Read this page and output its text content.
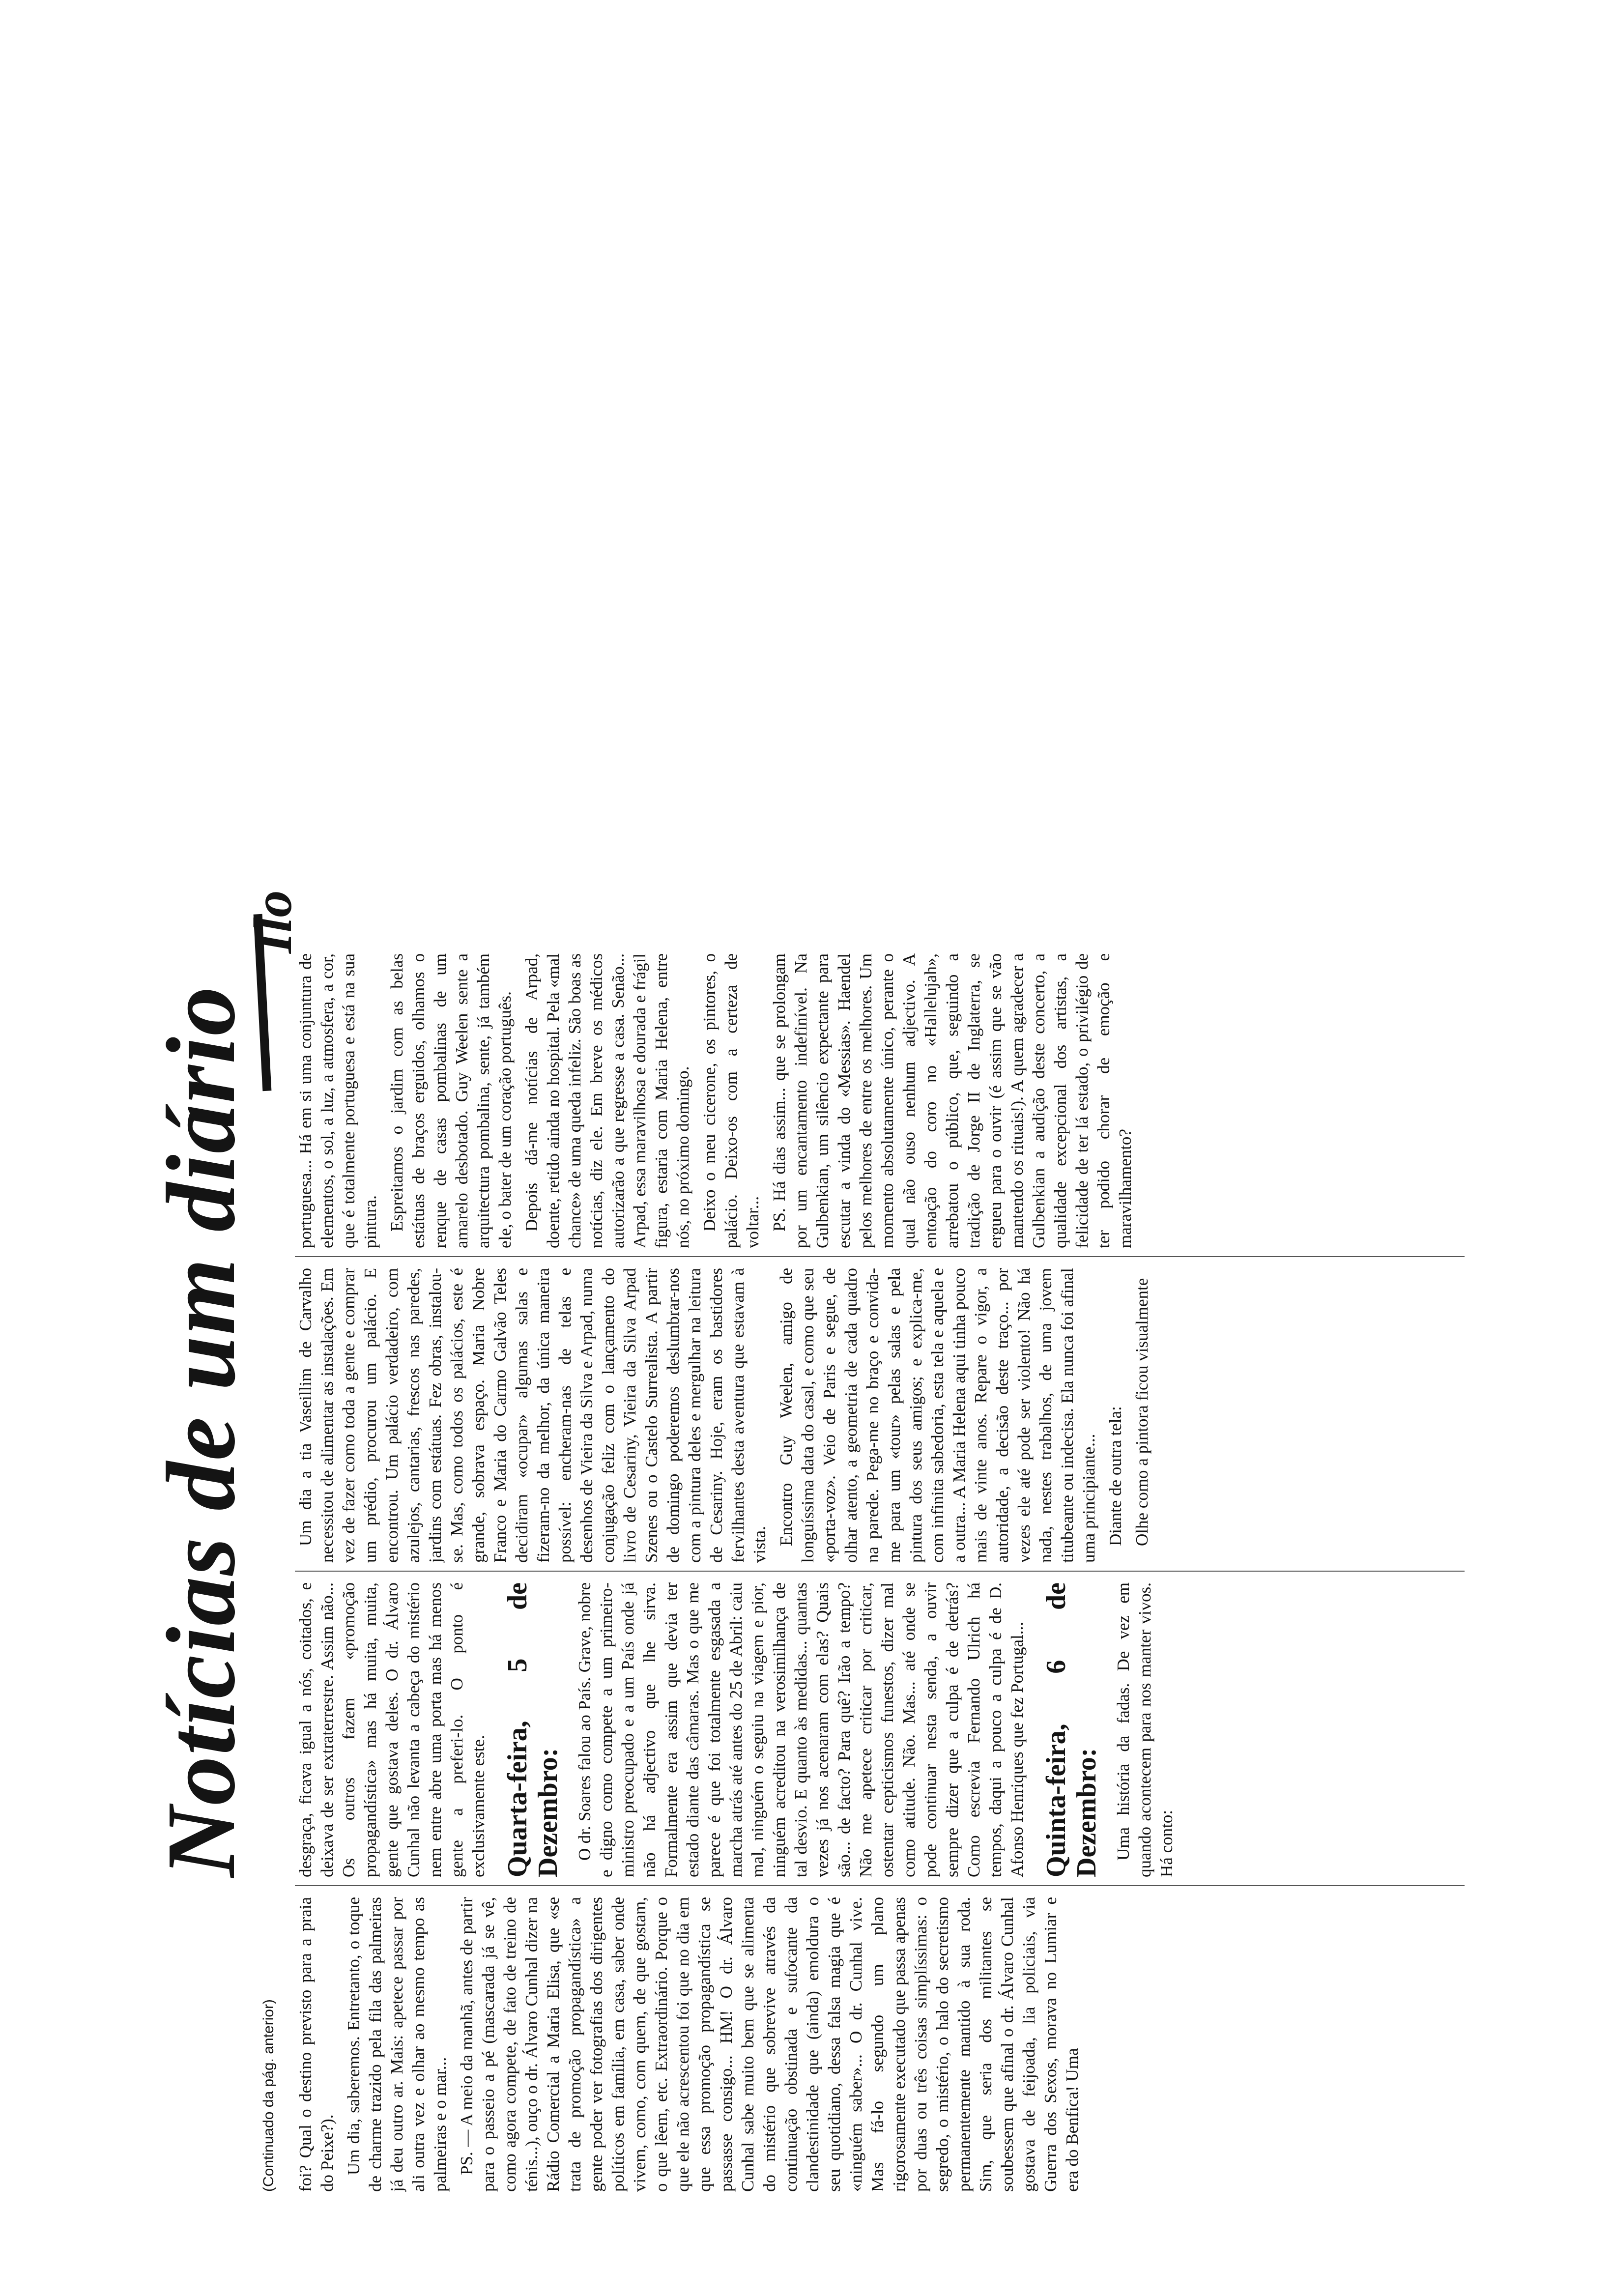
(Continuado da pág. anterior)
Notícias de um diário
Ilo

foi? Qual o destino previsto para a praia do Peixe?). Um dia, saberemos. Entretanto, o toque de charme trazido pela fila das palmeiras já deu outro ar. Mais: apetece passar por ali outra vez e olhar ao mesmo tempo as palmeiras e o mar... PS. — A meio da manhã, antes de partir para o passeio a pé (mascarada já se vê, como agora compete, de fato de treino de ténis...), ouço o dr. Álvaro Cunhal dizer na Rádio Comercial a Maria Elisa, que «se trata de promoção propagandística» a gente poder ver fotografias dos dirigentes políticos em família, em casa, saber onde vivem, como, com quem, de que gostam, o que lêem, etc. Extraordinário. Porque o que ele não acrescentou foi que no dia em que essa promoção propagandística se passasse consigo... HM! O dr. Álvaro Cunhal sabe muito bem que se alimenta do mistério que sobrevive através da continuação obstinada e sufocante da clandestinidade que (ainda) emoldura o seu quotidiano, dessa falsa magia que é «ninguém saber»... O dr. Cunhal vive. Mas fá-lo segundo um plano rigorosamente executado que passa apenas por duas ou três coisas simplíssimas: o segredo, o mistério, o halo do secretismo permanentemente mantido à sua roda. Sim, que seria dos militantes se soubessem que afinal o dr. Álvaro Cunhal gostava de feijoada, lia policiais, via Guerra dos Sexos, morava no Lumiar e era do Benfica! Uma

desgraça, ficava igual a nós, coitados, e deixava de ser extraterrestre. Assim não... Os outros fazem «promoção propagandística» mas há muita, muita, gente que gostava deles. O dr. Álvaro Cunhal não levanta a cabeça do mistério nem entre abre uma porta mas há menos gente a preferi-lo. O ponto é exclusivamente este. Quarta-feira, 5 de Dezembro: O dr. Soares falou ao País. Grave, nobre e digno como compete a um primeiro-ministro preocupado e a um País onde já não há adjectivo que lhe sirva. Formalmente era assim que devia ter estado diante das câmaras. Mas o que me parece é que foi totalmente esgasada a marcha atrás até antes do 25 de Abril: caiu mal, ninguém o seguiu na viagem e pior, ninguém acreditou na verosimilhança de tal desvio. E quanto às medidas... quantas vezes já nos acenaram com elas? Quais são... de facto? Para quê? Irão a tempo? Não me apetece criticar por criticar, ostentar cepticismos funestos, dizer mal como atitude. Não. Mas... até onde se pode continuar nesta senda, a ouvir sempre dizer que a culpa é de detrás? Como escrevia Fernando Ulrich há tempos, daqui a pouco a culpa é de D. Afonso Henriques que fez Portugal... Quinta-feira, 6 de Dezembro: Uma história da fadas. De vez em quando acontecem para nos manter vivos. Há conto:

Um dia a tia Vaseillim de Carvalho necessitou de alimentar as instalações. Em vez de fazer como toda a gente e comprar um prédio, procurou um palácio. E encontrou. Um palácio verdadeiro, com azulejos, cantarias, frescos nas paredes, jardins com estátuas. Fez obras, instalou-se. Mas, como todos os palácios, este é grande, sobrava espaço. Maria Nobre Franco e Maria do Carmo Galvão Teles decidiram «ocupar» algumas salas e fizeram-no da melhor, da única maneira possível: encheram-nas de telas e desenhos de Vieira da Silva e Arpad, numa conjugação feliz com o lançamento do livro de Cesariny, Vieira da Silva Arpad Szenes ou o Castelo Surrealista. A partir de domingo poderemos deslumbrar-nos com a pintura deles e mergulhar na leitura de Cesariny. Hoje, eram os bastidores fervilhantes desta aventura que estavam à vista. Encontro Guy Weelen, amigo de longuíssima data do casal, e como que seu «porta-voz». Veio de Paris e segue, de olhar atento, a geometria de cada quadro na parede. Pega-me no braço e convida-me para um «tour» pelas salas e pela pintura dos seus amigos; e explica-me, com infinita sabedoria, esta tela e aquela e a outra... A Maria Helena aqui tinha pouco mais de vinte anos. Repare o vigor, a autoridade, a decisão deste traço... por vezes ele até pode ser violento! Não há nada, nestes trabalhos, de uma jovem titubeante ou indecisa. Ela nunca foi afinal uma principiante... Diante de outra tela: Olhe como a pintora ficou visualmente

portuguesa... Há em si uma conjuntura de elementos, o sol, a luz, a atmosfera, a cor, que é totalmente portuguesa e está na sua pintura. Espreitamos o jardim com as belas estátuas de braços erguidos, olhamos o renque de casas pombalinas de um amarelo desbotado. Guy Weelen sente a arquitectura pombalina, sente, já também ele, o bater de um coração português. Depois dá-me notícias de Arpad, doente, retido ainda no hospital. Pela «mal chance» de uma queda infeliz. São boas as notícias, diz ele. Em breve os médicos autorizarão a que regresse a casa. Senão... Arpad, essa maravilhosa e dourada e frágil figura, estaria com Maria Helena, entre nós, no próximo domingo. Deixo o meu cicerone, os pintores, o palácio. Deixo-os com a certeza de voltar... PS. Há dias assim... que se prolongam por um encantamento indefinível. Na Gulbenkian, um silêncio expectante para escutar a vinda do «Messias». Haendel pelos melhores de entre os melhores. Um momento absolutamente único, perante o qual não ouso nenhum adjectivo. A entoação do coro no «Hallelujah», arrebatou o público, que, seguindo a tradição de Jorge II de Inglaterra, se ergueu para o ouvir (é assim que se vão mantendo os rituais!). A quem agradecer a Gulbenkian a audição deste concerto, a qualidade excepcional dos artistas, a felicidade de ter lá estado, o privilégio de ter podido chorar de emoção e maravilhamento?
